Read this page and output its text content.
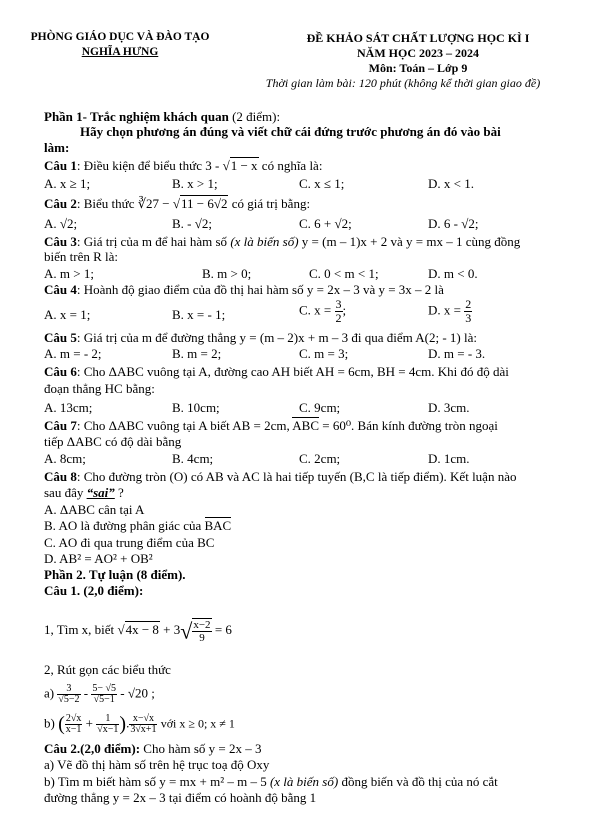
PHÒNG GIÁO DỤC VÀ ĐÀO TẠO
NGHĨA HƯNG
ĐỀ KHẢO SÁT CHẤT LƯỢNG HỌC KÌ I
NĂM HỌC 2023 – 2024
Môn: Toán – Lớp 9
Thời gian làm bài: 120 phút (không kể thời gian giao đề)
Phần 1- Trắc nghiệm khách quan (2 điểm):
Hãy chọn phương án đúng và viết chữ cái đứng trước phương án đó vào bài
làm:
Câu 1: Điều kiện để biểu thức 3 - √1 − x có nghĩa là:
A. x ≥ 1;	B. x > 1;	C. x ≤ 1;	D. x < 1.
Câu 2: Biểu thức ∛27 − √11 − 6√2 có giá trị bằng:
A. √2;	B. - √2;	C. 6 + √2;	D. 6 - √2;
Câu 3: Giá trị của m để hai hàm số (x là biến số) y = (m – 1)x + 2 và y = mx – 1 cùng đồng
biến trên R là:
A. m > 1;	B. m > 0;	C. 0 < m < 1;	D. m < 0.
Câu 4: Hoành độ giao điểm của đồ thị hai hàm số y = 2x – 3 và y = 3x – 2 là
A. x = 1;	B. x = - 1;	C. $x = \frac{3}{2}$ ;	D. $x = \frac{2}{3}$
Câu 5: Giá trị của m để đường thẳng y = (m – 2)x + m – 3 đi qua điểm A(2; - 1) là:
A. m = - 2;	B. m = 2;	C. m = 3;	D. m = - 3.
Câu 6: Cho ΔABC vuông tại A, đường cao AH biết AH = 6cm, BH = 4cm. Khi đó độ dài
đoạn thẳng HC bằng:
A. 13cm;	B. 10cm;	C. 9cm;	D. 3cm.
Câu 7: Cho ΔABC vuông tại A biết AB = 2cm, ABC = 60⁰. Bán kính đường tròn ngoại
tiếp ΔABC có độ dài bằng
A. 8cm;	B. 4cm;	C. 2cm;	D. 1cm.
Câu 8: Cho đường tròn (O) có AB và AC là hai tiếp tuyến (B,C là tiếp điểm). Kết luận nào
sau đây “sai” ?
A. ΔABC cân tại A
B. AO là đường phân giác của BAC
C. AO đi qua trung điểm của BC
D. AB² = AO² + OB²
Phần 2. Tự luận (8 điểm).
Câu 1. (2,0 điểm):
1, Tìm x, biết $√4x - 8 + 3√ \frac{x-2}{9} = 6$
2, Rút gọn các biểu thức
$a) \frac{3}{√5-2} - \frac{5- √5}{√5-1} - √20$ ;
b) ( $\frac{2√x}{x-1} + \frac{1}{√x-1}$ ). $\frac{x-√x}{3√x+1}$ với x ≥ 0; x ≠ 1
Câu 2.(2,0 điểm): Cho hàm số y = 2x – 3
a) Vẽ đồ thị hàm số trên hệ trục toạ độ Oxy
b) Tìm m biết hàm số y = mx + m² – m – 5 (x là biến số) đồng biến và đồ thị của nó cắt
đường thẳng y = 2x – 3 tại điểm có hoành độ bằng 1
